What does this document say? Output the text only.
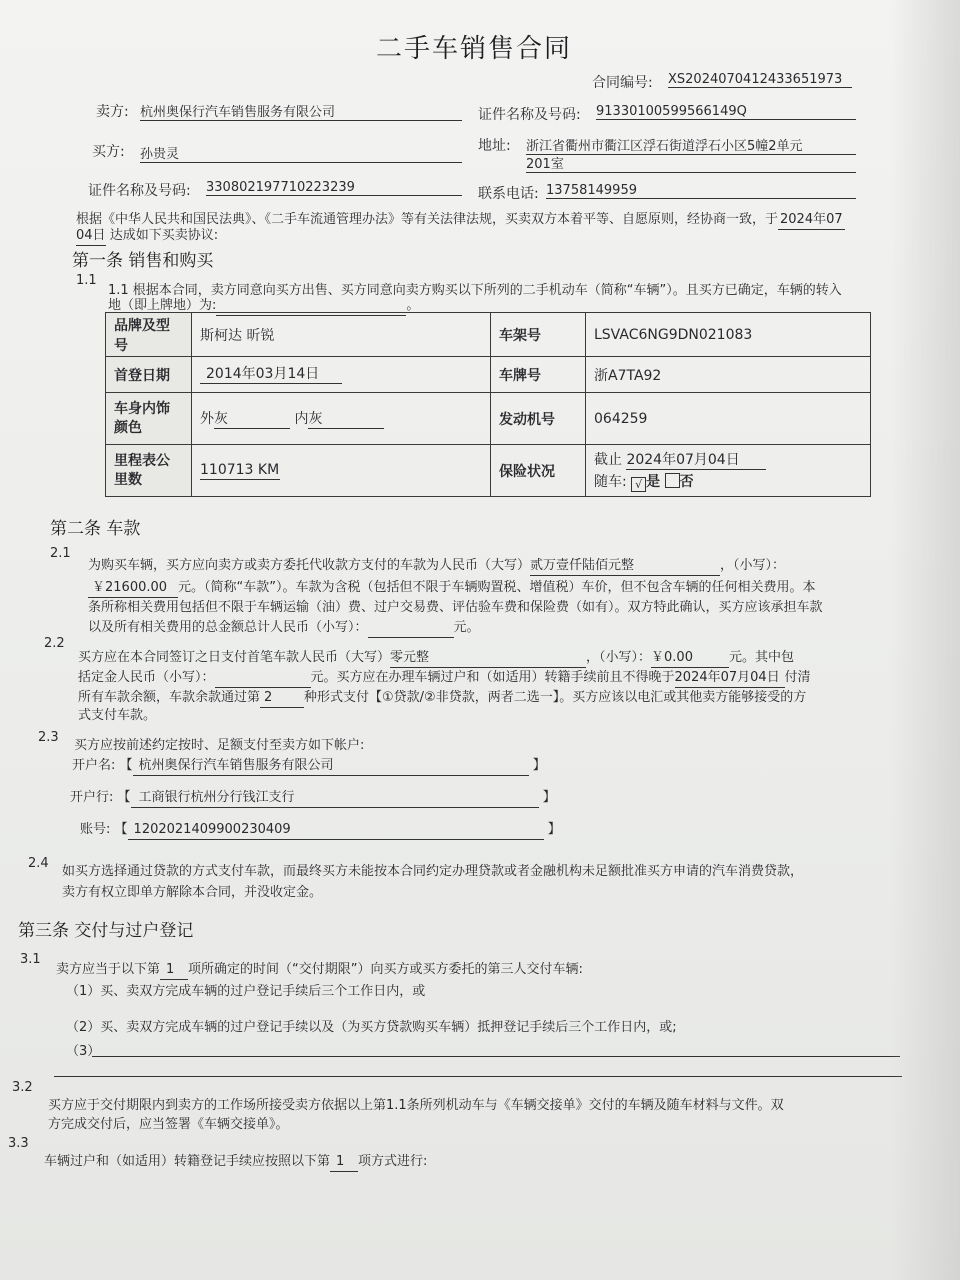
二手车销售合同
合同编号: XS2024070412433651973
卖方: 杭州奥保行汽车销售服务有限公司	证件名称及号码: 91330100599566149Q
买方: 孙贵灵
地址: 浙江省衢州市衢江区浮石街道浮石小区5幢2单元
201室
证件名称及号码: 330802197710223239	联系电话: 13758149959
根据《中华人民共和国民法典》、《二手车流通管理办法》等有关法律法规，买卖双方本着平等、自愿原则，经协商一致，于 2024年07
04日 达成如下买卖协议:
第一条 销售和购买
1.1
1.1 根据本合同，卖方同意向买方出售、买方同意向卖方购买以下所列的二手机动车（简称“车辆”）。且买方已确定，车辆的转入
地（即上牌地）为:	。
品牌及型号	斯柯达 昕锐	车架号	LSVAC6NG9DN021083
首登日期	2014年03月14日	车牌号	浙A7TA92
车身内饰颜色	外灰 内灰	发动机号	064259
里程表公里数	110713 KM	保险状况	截止 2024年07月04日
随车: √ 是 否
第二条 车款
2.1
为购买车辆，买方应向卖方或卖方委托代收款方支付的车款为人民币（大写）贰万壹仟陆佰元整	，（小写）：
￥21600.00 元。（简称“车款”）。车款为含税（包括但不限于车辆购置税、增值税）车价，但不包含车辆的任何相关费用。本
条所称相关费用包括但不限于车辆运输（油）费、过户交易费、评估验车费和保险费（如有）。双方特此确认，买方应该承担车款
以及所有相关费用的总金额总计人民币（小写）：	元。
2.2
买方应在本合同签订之日支付首笔车款人民币（大写）零元整	，（小写）：￥0.00	元。其中包
括定金人民币（小写）：	元。买方应在办理车辆过户和（如适用）转籍手续前且不得晚于2024年07月04日 付清
所有车款余额，车款余款通过第 2 种形式支付【①贷款/②非贷款，两者二选一】。买方应该以电汇或其他卖方能够接受的方
式支付车款。
2.3
买方应按前述约定按时、足额支付至卖方如下帐户:
开户名: 【 杭州奥保行汽车销售服务有限公司	】
开户行: 【 工商银行杭州分行钱江支行	】
账号: 【 1202021409900230409	】
2.4
如买方选择通过贷款的方式支付车款，而最终买方未能按本合同约定办理贷款或者金融机构未足额批准买方申请的汽车消费贷款，
卖方有权立即单方解除本合同，并没收定金。
第三条 交付与过户登记
3.1
卖方应当于以下第 1 项所确定的时间（“交付期限”）向买方或买方委托的第三人交付车辆:
（1）买、卖双方完成车辆的过户登记手续后三个工作日内，或
（2）买、卖双方完成车辆的过户登记手续以及（为买方贷款购买车辆）抵押登记手续后三个工作日内，或;
（3）
3.2
买方应于交付期限内到卖方的工作场所接受卖方依据以上第1.1条所列机动车与《车辆交接单》交付的车辆及随车材料与文件。双
方完成交付后，应当签署《车辆交接单》。
3.3
车辆过户和（如适用）转籍登记手续应按照以下第 1 项方式进行:
